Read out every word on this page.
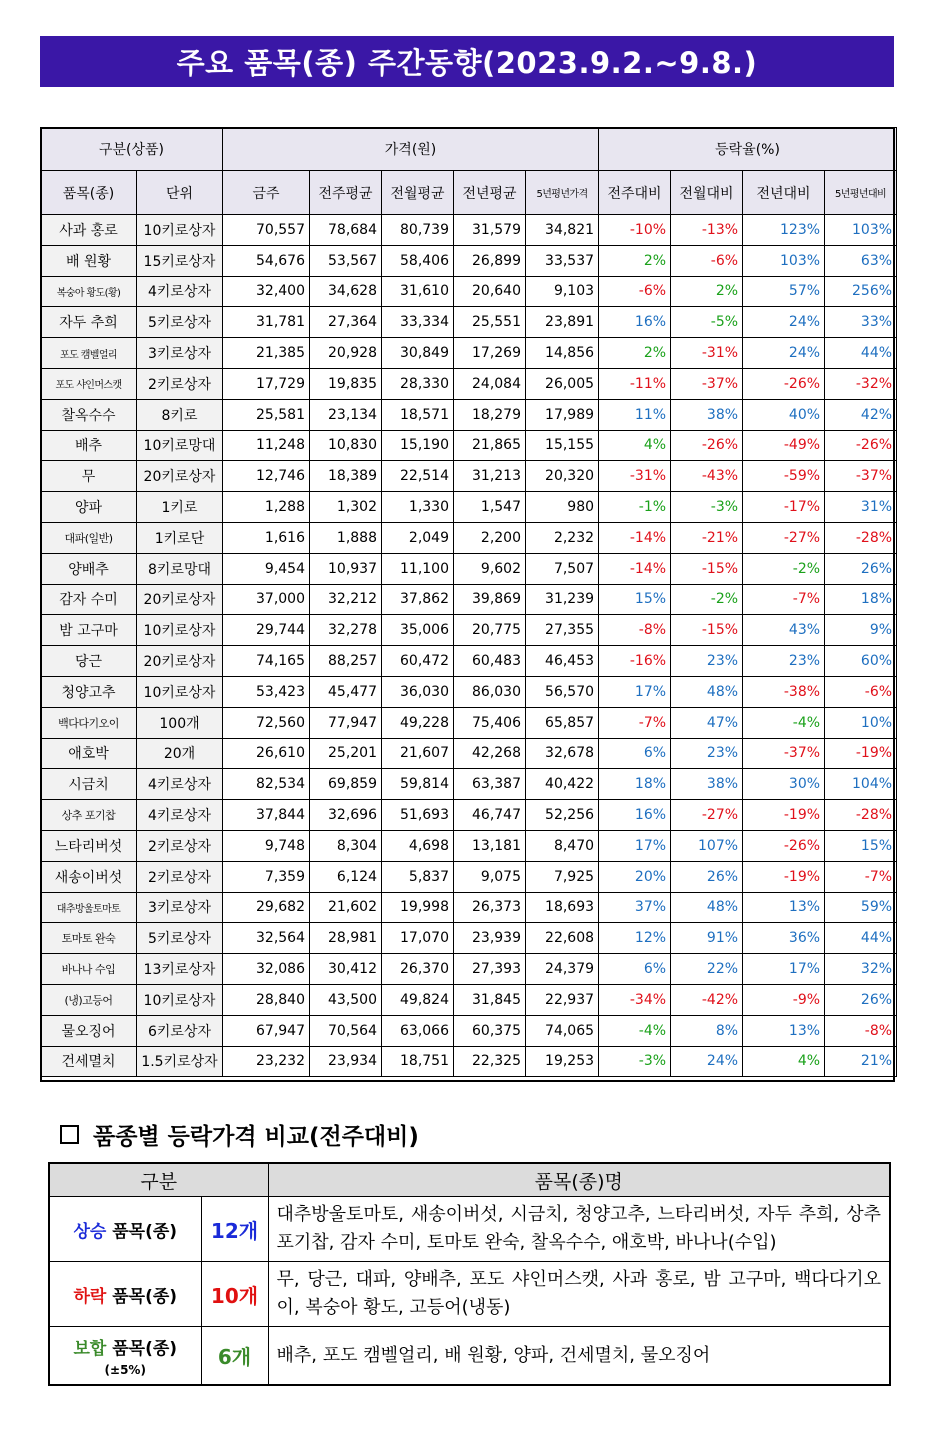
주요 품목(종) 주간동향(2023.9.2.~9.8.)
구분(상품)		가격(원)					등락율(%)			
품목(종)	단위	금주	전주평균	전월평균	전년평균	5년평년가격	전주대비	전월대비	전년대비	5년평년대비
사과 홍로	10키로상자	70,557	78,684	80,739	31,579	34,821	-10%	-13%	123%	103%
배 원황	15키로상자	54,676	53,567	58,406	26,899	33,537	2%	-6%	103%	63%
복숭아 황도(황)	4키로상자	32,400	34,628	31,610	20,640	9,103	-6%	2%	57%	256%
자두 추희	5키로상자	31,781	27,364	33,334	25,551	23,891	16%	-5%	24%	33%
포도 캠벨얼리	3키로상자	21,385	20,928	30,849	17,269	14,856	2%	-31%	24%	44%
포도 샤인머스캣	2키로상자	17,729	19,835	28,330	24,084	26,005	-11%	-37%	-26%	-32%
찰옥수수	8키로	25,581	23,134	18,571	18,279	17,989	11%	38%	40%	42%
배추	10키로망대	11,248	10,830	15,190	21,865	15,155	4%	-26%	-49%	-26%
무	20키로상자	12,746	18,389	22,514	31,213	20,320	-31%	-43%	-59%	-37%
양파	1키로	1,288	1,302	1,330	1,547	980	-1%	-3%	-17%	31%
대파(일반)	1키로단	1,616	1,888	2,049	2,200	2,232	-14%	-21%	-27%	-28%
양배추	8키로망대	9,454	10,937	11,100	9,602	7,507	-14%	-15%	-2%	26%
감자 수미	20키로상자	37,000	32,212	37,862	39,869	31,239	15%	-2%	-7%	18%
밤 고구마	10키로상자	29,744	32,278	35,006	20,775	27,355	-8%	-15%	43%	9%
당근	20키로상자	74,165	88,257	60,472	60,483	46,453	-16%	23%	23%	60%
청양고추	10키로상자	53,423	45,477	36,030	86,030	56,570	17%	48%	-38%	-6%
백다다기오이	100개	72,560	77,947	49,228	75,406	65,857	-7%	47%	-4%	10%
애호박	20개	26,610	25,201	21,607	42,268	32,678	6%	23%	-37%	-19%
시금치	4키로상자	82,534	69,859	59,814	63,387	40,422	18%	38%	30%	104%
상추 포기찹	4키로상자	37,844	32,696	51,693	46,747	52,256	16%	-27%	-19%	-28%
느타리버섯	2키로상자	9,748	8,304	4,698	13,181	8,470	17%	107%	-26%	15%
새송이버섯	2키로상자	7,359	6,124	5,837	9,075	7,925	20%	26%	-19%	-7%
대추방울토마토	3키로상자	29,682	21,602	19,998	26,373	18,693	37%	48%	13%	59%
토마토 완숙	5키로상자	32,564	28,981	17,070	23,939	22,608	12%	91%	36%	44%
바나나 수입	13키로상자	32,086	30,412	26,370	27,393	24,379	6%	22%	17%	32%
(냉)고등어	10키로상자	28,840	43,500	49,824	31,845	22,937	-34%	-42%	-9%	26%
물오징어	6키로상자	67,947	70,564	63,066	60,375	74,065	-4%	8%	13%	-8%
건세멸치	1.5키로상자	23,232	23,934	18,751	22,325	19,253	-3%	24%	4%	21%
품종별 등락가격 비교(전주대비)
구분		품목(종)명
상승 품목(종)	12개	대추방울토마토, 새송이버섯, 시금치, 청양고추, 느타리버섯, 자두 추희, 상추 포기찹, 감자 수미, 토마토 완숙, 찰옥수수, 애호박, 바나나(수입)
하락 품목(종)	10개	무, 당근, 대파, 양배추, 포도 샤인머스캣, 사과 홍로, 밤 고구마, 백다다기오이, 복숭아 황도, 고등어(냉동)
보합 품목(종)
(±5%)	6개	배추, 포도 캠벨얼리, 배 원황, 양파, 건세멸치, 물오징어
